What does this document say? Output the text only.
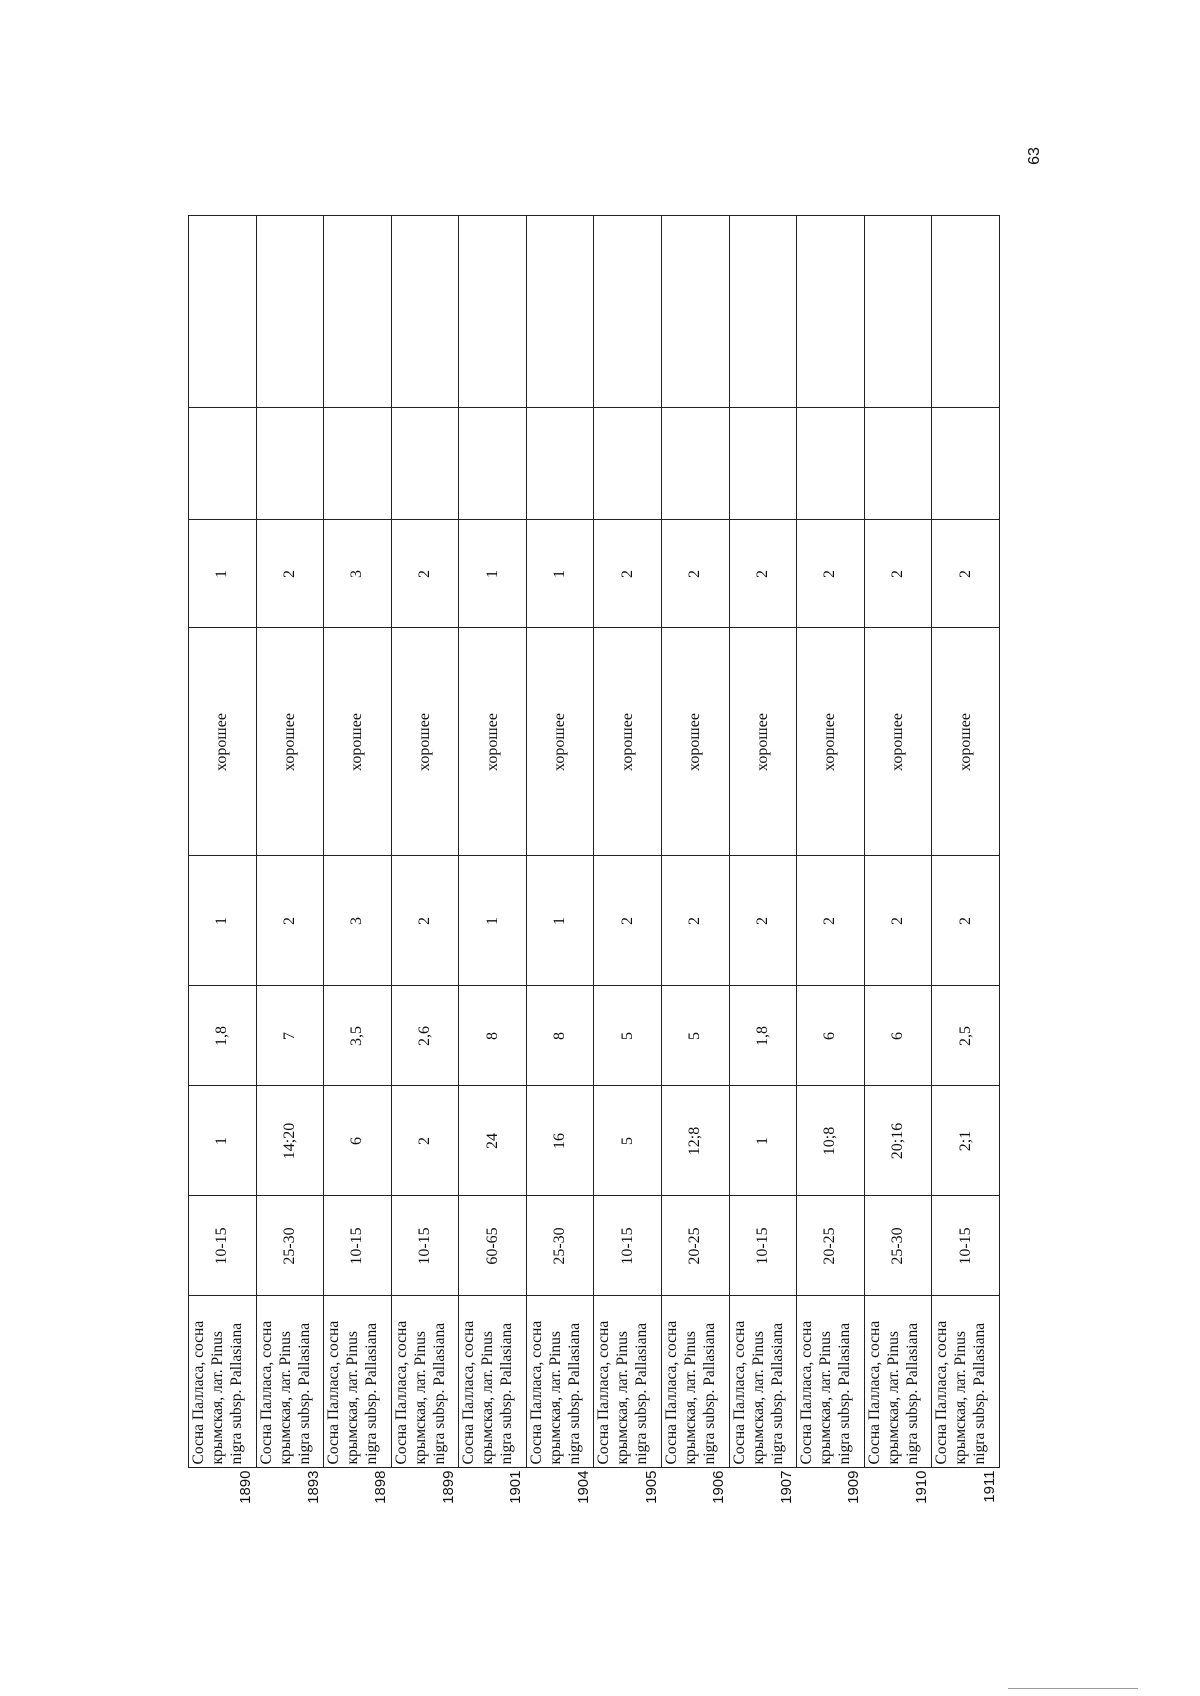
63
1890	Сосна Палласа, сосна крымская, лат. Pinus nigra subsp. Pallasiana	10-15	1	1,8	1	хорошее	1		
1893	Сосна Палласа, сосна крымская, лат. Pinus nigra subsp. Pallasiana	25-30	14;20	7	2	хорошее	2		
1898	Сосна Палласа, сосна крымская, лат. Pinus nigra subsp. Pallasiana	10-15	6	3,5	3	хорошее	3		
1899	Сосна Палласа, сосна крымская, лат. Pinus nigra subsp. Pallasiana	10-15	2	2,6	2	хорошее	2		
1901	Сосна Палласа, сосна крымская, лат. Pinus nigra subsp. Pallasiana	60-65	24	8	1	хорошее	1		
1904	Сосна Палласа, сосна крымская, лат. Pinus nigra subsp. Pallasiana	25-30	16	8	1	хорошее	1		
1905	Сосна Палласа, сосна крымская, лат. Pinus nigra subsp. Pallasiana	10-15	5	5	2	хорошее	2		
1906	Сосна Палласа, сосна крымская, лат. Pinus nigra subsp. Pallasiana	20-25	12;8	5	2	хорошее	2		
1907	Сосна Палласа, сосна крымская, лат. Pinus nigra subsp. Pallasiana	10-15	1	1,8	2	хорошее	2		
1909	Сосна Палласа, сосна крымская, лат. Pinus nigra subsp. Pallasiana	20-25	10;8	6	2	хорошее	2		
1910	Сосна Палласа, сосна крымская, лат. Pinus nigra subsp. Pallasiana	25-30	20;16	6	2	хорошее	2		
1911	Сосна Палласа, сосна крымская, лат. Pinus nigra subsp. Pallasiana	10-15	2;1	2,5	2	хорошее	2		
